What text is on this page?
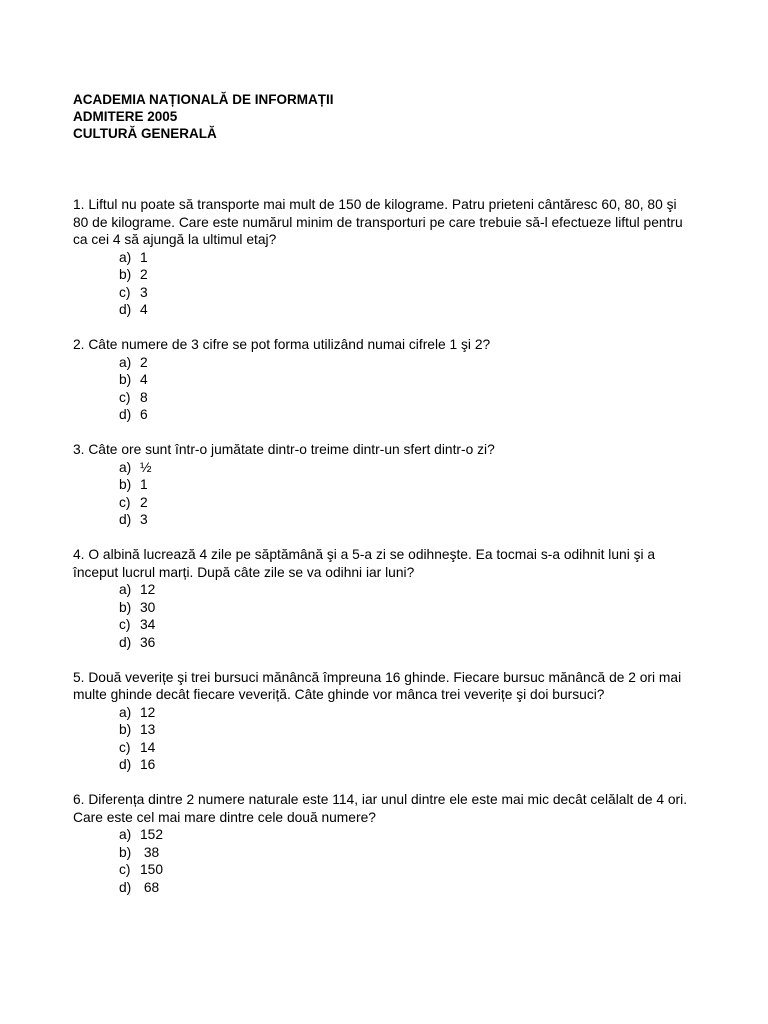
ACADEMIA NAȚIONALĂ DE INFORMAȚII
ADMITERE 2005
CULTURĂ GENERALĂ

1. Liftul nu poate să transporte mai mult de 150 de kilograme. Patru prieteni cântăresc 60, 80, 80 şi 80 de kilograme. Care este numărul minim de transporturi pe care trebuie să-l efectueze liftul pentru ca cei 4 să ajungă la ultimul etaj?

a) 1
b) 2
c) 3
d) 4

2. Câte numere de 3 cifre se pot forma utilizând numai cifrele 1 şi 2?

a) 2
b) 4
c) 8
d) 6

3. Câte ore sunt într-o jumătate dintr-o treime dintr-un sfert dintr-o zi?

a) ½
b) 1
c) 2
d) 3

4. O albină lucrează 4 zile pe săptămână şi a 5-a zi se odihneşte. Ea tocmai s-a odihnit luni şi a început lucrul marți. După câte zile se va odihni iar luni?

a) 12
b) 30
c) 34
d) 36

5. Două veverițe şi trei bursuci mănâncă împreuna 16 ghinde. Fiecare bursuc mănâncă de 2 ori mai multe ghinde decât fiecare veveriță. Câte ghinde vor mânca trei veverițe şi doi bursuci?

a) 12
b) 13
c) 14
d) 16

6. Diferența dintre 2 numere naturale este 114, iar unul dintre ele este mai mic decât celălalt de 4 ori. Care este cel mai mare dintre cele două numere?

a) 152
b) 38
c) 150
d) 68
